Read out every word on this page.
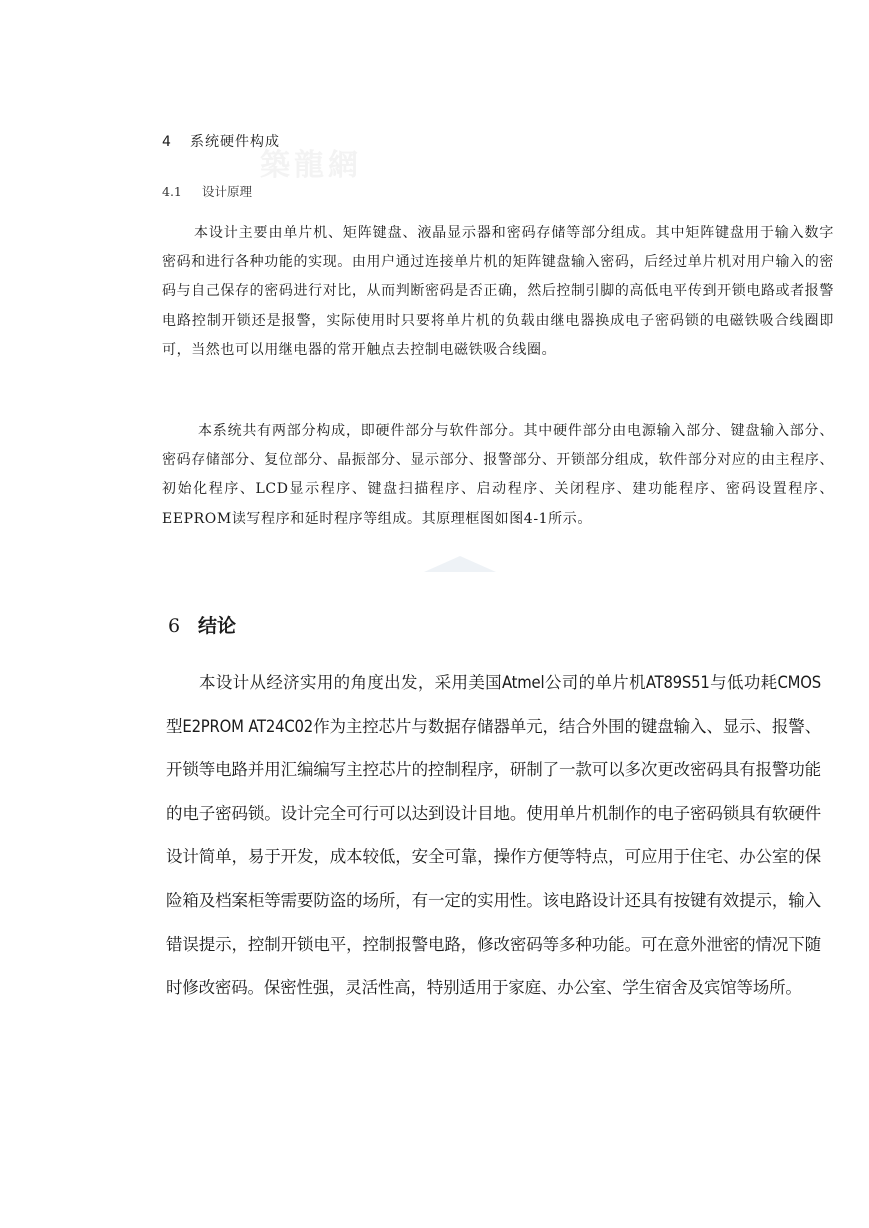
築龍網
4 系统硬件构成
4.1 设计原理

本设计主要由单片机、矩阵键盘、液晶显示器和密码存储等部分组成。其中矩阵键盘用于输入数字密码和进行各种功能的实现。由用户通过连接单片机的矩阵键盘输入密码，后经过单片机对用户输入的密码与自己保存的密码进行对比，从而判断密码是否正确，然后控制引脚的高低电平传到开锁电路或者报警电路控制开锁还是报警，实际使用时只要将单片机的负载由继电器换成电子密码锁的电磁铁吸合线圈即可，当然也可以用继电器的常开触点去控制电磁铁吸合线圈。

本系统共有两部分构成，即硬件部分与软件部分。其中硬件部分由电源输入部分、键盘输入部分、密码存储部分、复位部分、晶振部分、显示部分、报警部分、开锁部分组成，软件部分对应的由主程序、初始化程序、LCD显示程序、键盘扫描程序、启动程序、关闭程序、建功能程序、密码设置程序、EEPROM读写程序和延时程序等组成。其原理框图如图4-1所示。

6 结论

本设计从经济实用的角度出发，采用美国Atmel公司的单片机AT89S51与低功耗CMOS型E2PROM AT24C02作为主控芯片与数据存储器单元，结合外围的键盘输入、显示、报警、开锁等电路并用汇编编写主控芯片的控制程序，研制了一款可以多次更改密码具有报警功能的电子密码锁。设计完全可行可以达到设计目地。使用单片机制作的电子密码锁具有软硬件设计简单，易于开发，成本较低，安全可靠，操作方便等特点，可应用于住宅、办公室的保险箱及档案柜等需要防盗的场所，有一定的实用性。该电路设计还具有按键有效提示，输入错误提示，控制开锁电平，控制报警电路，修改密码等多种功能。可在意外泄密的情况下随时修改密码。保密性强，灵活性高，特别适用于家庭、办公室、学生宿舍及宾馆等场所。
